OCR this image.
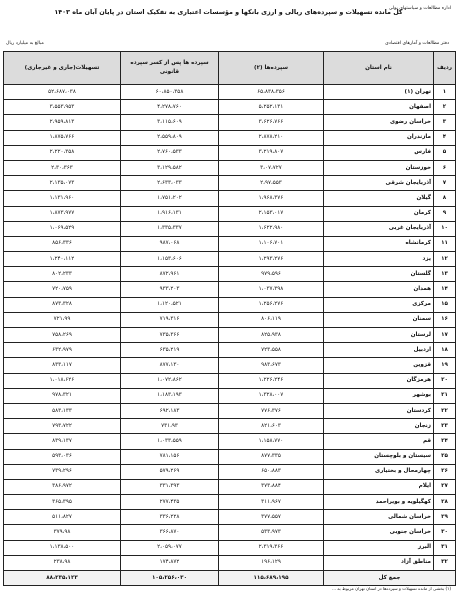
اداره مطالعات و سیاستهای پولی
کل مانده تسهیلات و سپرده‌های ریالی و ارزی بانکها و مؤسسات اعتباری به تفکیک استان در پایان آبان ماه ۱۴۰۳
مبالغ به میلیارد ریال	دفتر مطالعات و آمارهای اقتصادی
ردیف	نام استان	سپرده‌ها (۲)	سپرده ها پس از کسر سپرده قانونی	تسهیلات(جاری و غیرجاری)
۱	تهران (۱)	۶۵،۸۳۸،۳۵۶	۶۰،۸۵۰،۳۵۸	۵۲،۶۸۷،۰۳۸
۲	اصفهان	۵،۲۵۲،۱۳۱	۴،۲۷۸،۷۶۰	۳،۵۵۳،۹۵۳
۳	خراسان رضوی	۳،۶۲۶،۷۶۶	۳،۱۱۵،۶۰۹	۲،۹۵۹،۸۱۳
۴	مازندران	۲،۸۷۸،۲۱۰	۲،۵۵۹،۸۰۹	۱،۸۷۵،۷۶۶
۵	فارس	۳،۲۱۹،۸۰۷	۲،۷۶۰،۵۳۳	۲،۲۲۰،۳۵۸
۶	خوزستان	۳،۰۷،۷۲۷	۳،۱۲۹،۵۸۲	۲،۳۰،۳۶۳
۷	آذربایجان شرقی	۲،۹۷،۵۵۳	۲،۶۳۳،۰۳۳	۲،۱۳۵،۰۷۳
۸	گیلان	۱،۹۶۸،۳۷۶	۱،۷۵۱،۲۰۲	۱،۱۳۱،۹۶۰
۹	کرمان	۲،۱۵۳،۰۱۷	۱،۹۱۶،۱۳۱	۱،۸۷۳،۹۷۷
۱۰	آذربایجان غربی	۱،۶۲۲،۹۸۰	۱،۳۳۵،۳۳۷	۱،۰۶۹،۵۲۹
۱۱	کرمانشاه	۱،۱۰۶،۷۰۱	۹۸۷،۰۶۸	۸۵۶،۳۳۶
۱۲	یزد	۱،۲۹۳،۲۷۶	۱،۱۵۳،۶۰۶	۱،۲۴۰،۱۱۲
۱۳	گلستان	۹۷۹،۵۹۶	۸۷۲،۹۶۱	۸۰۲،۲۳۳
۱۴	همدان	۱،۰۳۷،۳۹۸	۹۳۳،۲۰۳	۷۲۰،۷۵۹
۱۵	مرکزی	۱،۲۵۶،۲۷۶	۱،۱۲۰،۵۲۱	۸۷۳،۳۲۸
۱۶	سمنان	۸۰۶،۱۱۹	۷۱۹،۳۱۶	۷۲۱،۹۹
۱۷	لرستان	۸۲۵،۹۳۸	۷۳۵،۳۶۶	۷۵۸،۲۶۹
۱۸	اردبیل	۷۲۳،۵۵۸	۶۳۵،۲۱۹	۶۳۲،۹۷۹
۱۹	قزوین	۹۸۳،۶۷۳	۸۷۷،۱۳۰	۸۳۳،۱۱۷
۲۰	هرمزگان	۱،۲۲۶،۲۴۶	۱،۰۷۲،۸۶۲	۱،۰۱۸،۶۲۶
۲۱	بوشهر	۱،۳۲۸،۰۰۷	۱،۱۸۳،۱۹۳	۹۷۸،۳۲۱
۲۲	کردستان	۷۷۶،۳۷۶	۶۹۲،۱۸۳	۵۸۳،۱۳۳
۲۳	زنجان	۸۲۱،۶۰۳	۷۳۱،۹۳	۷۹۳،۷۲۲
۲۴	قم	۱،۱۵۸،۷۷۰	۱،۰۳۳،۵۵۹	۸۳۹،۱۳۷
۲۵	سیستان و بلوچستان	۸۷۷،۳۳۵	۷۸۱،۱۵۶	۵۹۳،۰۳۶
۲۶	چهارمحال و بختیاری	۶۵۰،۸۸۳	۵۷۹،۲۶۹	۷۳۹،۲۹۶
۲۷	ایلام	۳۷۳،۸۸۴	۳۳۱،۳۹۳	۳۸۶،۹۷۲
۲۸	کهگیلویه و بویراحمد	۳۱۱،۹۶۷	۲۷۷،۴۳۵	۳۶۵،۳۹۵
۲۹	خراسان شمالی	۳۷۷،۵۵۷	۳۳۶،۲۲۸	۵۱۱،۸۲۷
۳۰	خراسان جنوبی	۵۳۳،۹۷۳	۳۶۶،۸۷۰	۳۷۹،۹۸
۳۱	البرز	۲،۳۱۹،۳۶۶	۲،۰۵۹،۰۷۷	۱،۱۳۸،۵۰۰
۳۲	مناطق آزاد	۱۹۶،۱۲۹	۱۷۴،۸۷۲	۲۳۸،۹۸
جمع کل		۱۱۵،۶۸۹،۱۹۵	۱۰۵،۲۵۶،۰۳۰	۸۸،۲۳۵،۱۲۳
(۱) بخشی از مانده تسهیلات و سپرده‌ها در استان تهران مربوط به ...
